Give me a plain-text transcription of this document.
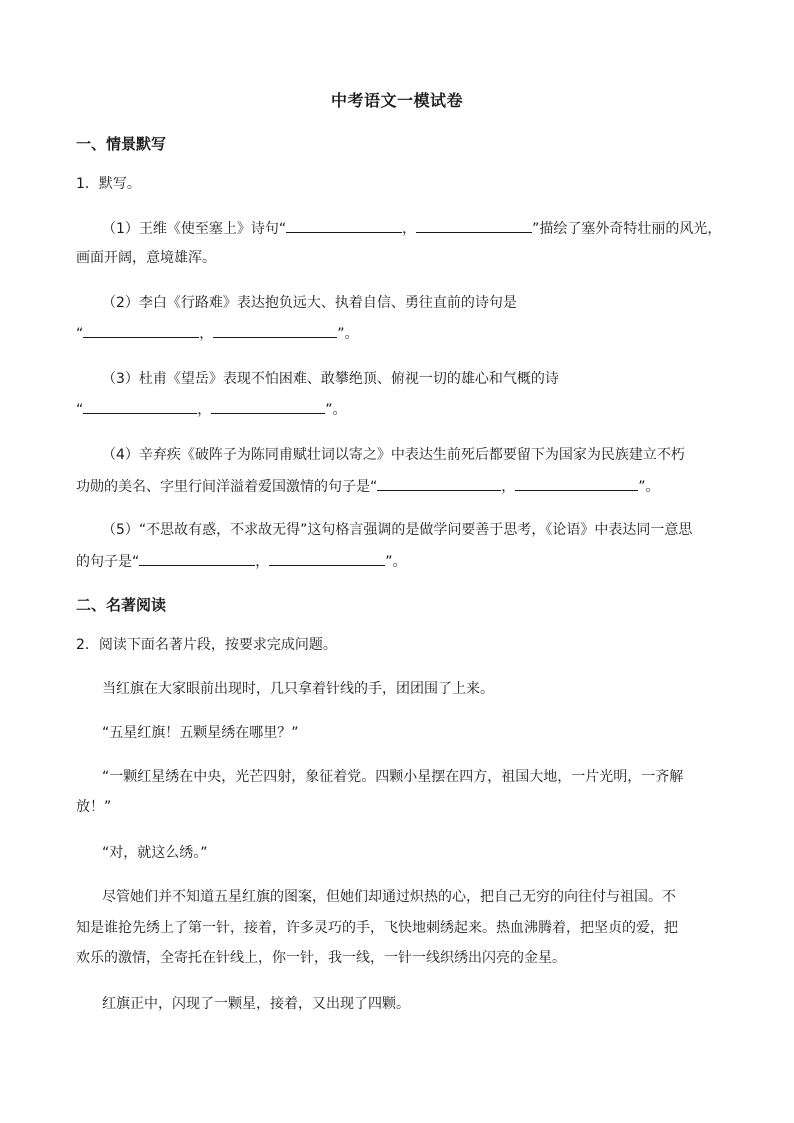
中考语文一模试卷
一、情景默写
1．默写。
（1）王维《使至塞上》诗句“	，	”描绘了塞外奇特壮丽的风光，
画面开阔，意境雄浑。
（2）李白《行路难》表达抱负远大、执着自信、勇往直前的诗句是
“	，	”。
（3）杜甫《望岳》表现不怕困难、敢攀绝顶、俯视一切的雄心和气概的诗
“	，	”。
（4）辛弃疾《破阵子为陈同甫赋壮词以寄之》中表达生前死后都要留下为国家为民族建立不朽
功勋的美名、字里行间洋溢着爱国激情的句子是“	，	”。
（5）“不思故有惑，不求故无得”这句格言强调的是做学问要善于思考，《论语》中表达同一意思
的句子是“	，	”。
二、名著阅读
2．阅读下面名著片段，按要求完成问题。
当红旗在大家眼前出现时，几只拿着针线的手，团团围了上来。
“五星红旗！五颗星绣在哪里？”
“一颗红星绣在中央，光芒四射，象征着党。四颗小星摆在四方，祖国大地，一片光明，一齐解
放！”
“对，就这么绣。”
尽管她们并不知道五星红旗的图案，但她们却通过炽热的心，把自己无穷的向往付与祖国。不
知是谁抢先绣上了第一针，接着，许多灵巧的手，飞快地刺绣起来。热血沸腾着，把坚贞的爱，把
欢乐的激情，全寄托在针线上，你一针，我一线，一针一线织绣出闪亮的金星。
红旗正中，闪现了一颗星，接着，又出现了四颗。
